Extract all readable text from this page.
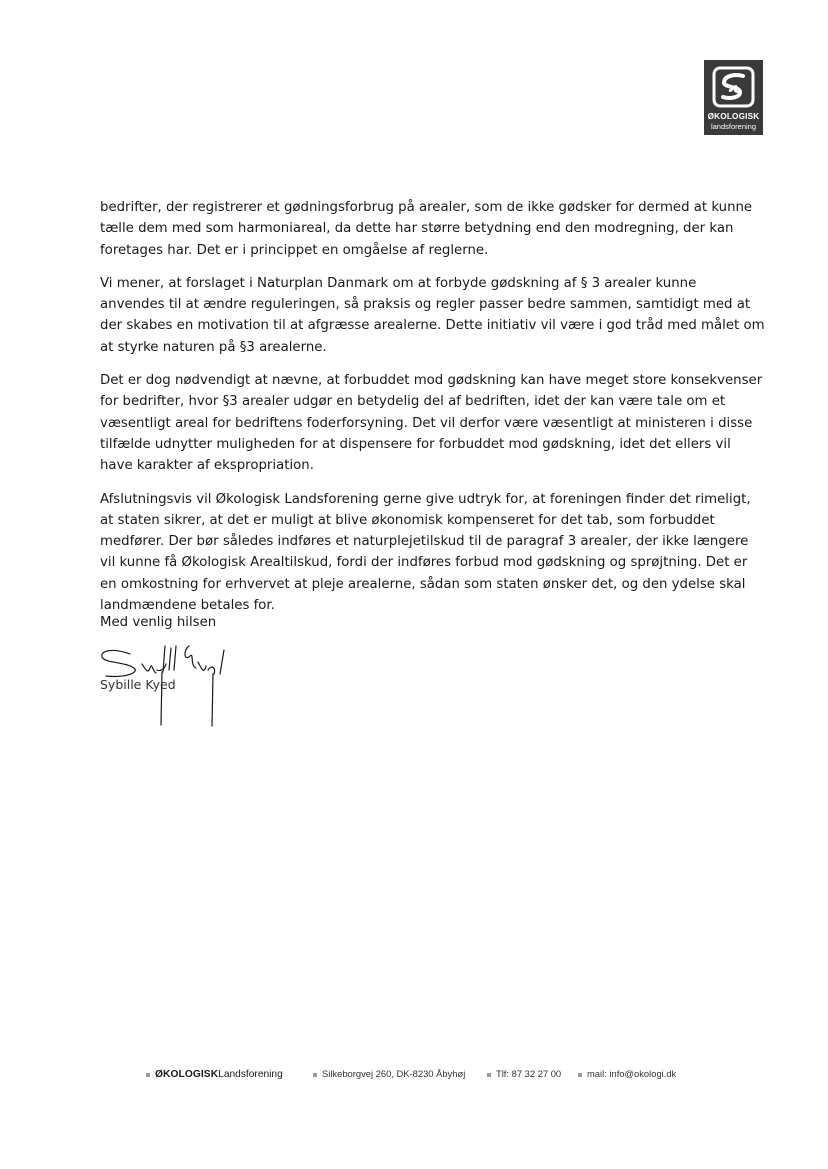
ØKOLOGISK
landsforening

bedrifter, der registrerer et gødningsforbrug på arealer, som de ikke gødsker for dermed at kunne
tælle dem med som harmoniareal, da dette har større betydning end den modregning, der kan
foretages har. Det er i princippet en omgåelse af reglerne.

Vi mener, at forslaget i Naturplan Danmark om at forbyde gødskning af § 3 arealer kunne
anvendes til at ændre reguleringen, så praksis og regler passer bedre sammen, samtidigt med at
der skabes en motivation til at afgræsse arealerne. Dette initiativ vil være i god tråd med målet om
at styrke naturen på §3 arealerne.

Det er dog nødvendigt at nævne, at forbuddet mod gødskning kan have meget store konsekvenser
for bedrifter, hvor §3 arealer udgør en betydelig del af bedriften, idet der kan være tale om et
væsentligt areal for bedriftens foderforsyning. Det vil derfor være væsentligt at ministeren i disse
tilfælde udnytter muligheden for at dispensere for forbuddet mod gødskning, idet det ellers vil
have karakter af ekspropriation.

Afslutningsvis vil Økologisk Landsforening gerne give udtryk for, at foreningen finder det rimeligt,
at staten sikrer, at det er muligt at blive økonomisk kompenseret for det tab, som forbuddet
medfører. Der bør således indføres et naturplejetilskud til de paragraf 3 arealer, der ikke længere
vil kunne få Økologisk Arealtilskud, fordi der indføres forbud mod gødskning og sprøjtning. Det er
en omkostning for erhvervet at pleje arealerne, sådan som staten ønsker det, og den ydelse skal
landmændene betales for.

Med venlig hilsen

Sybille Kyed
ØKOLOGISKLandsforening	Silkeborgvej 260, DK-8230 Åbyhøj	Tlf: 87 32 27 00	mail: info@okologi.dk
